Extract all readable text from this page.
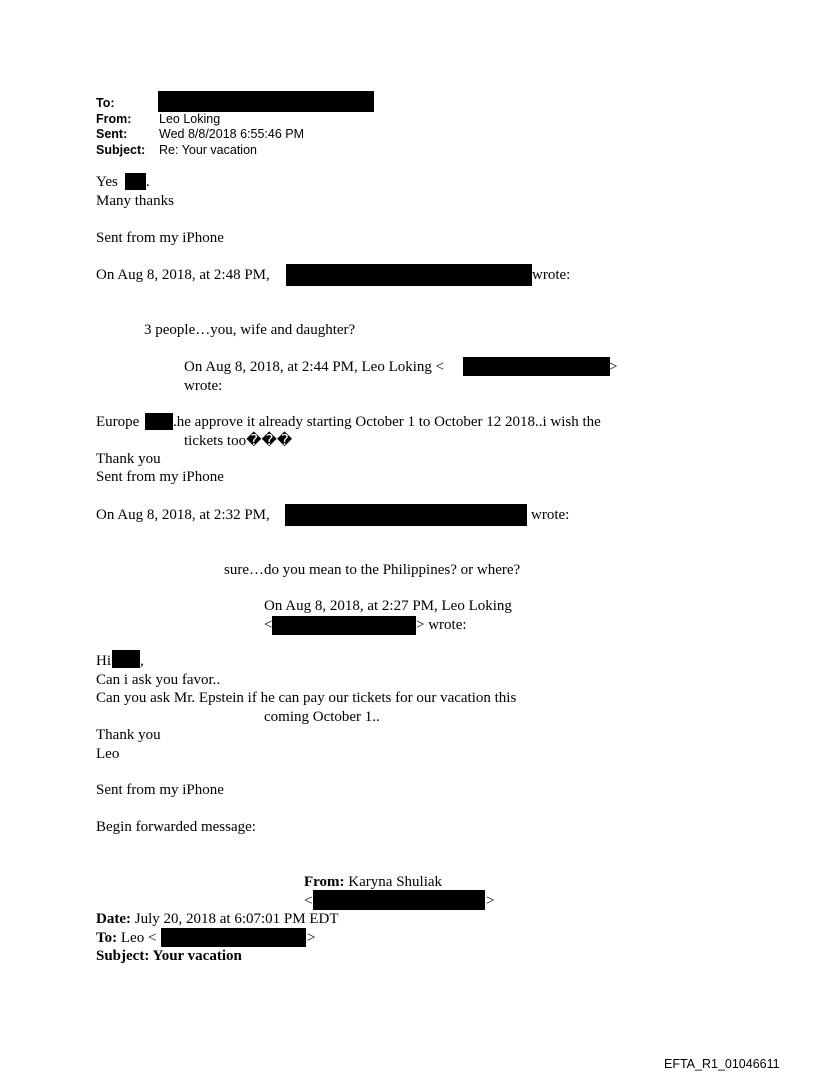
To:
From: Leo Loking
Sent:	Wed 8/8/2018 6:55:46 PM
Subject: Re: Your vacation
Yes .
Many thanks
Sent from my iPhone
On Aug 8, 2018, at 2:48 PM,	wrote:
3 people…you, wife and daughter?
On Aug 8, 2018, at 2:44 PM, Leo Loking <	>
wrote:
Europe .he approve it already starting October 1 to October 12 2018..i wish the
tickets too���
Thank you
Sent from my iPhone
On Aug 8, 2018, at 2:32 PM,	wrote:
sure…do you mean to the Philippines? or where?
On Aug 8, 2018, at 2:27 PM, Leo Loking
<	> wrote:
Hi ,
Can i ask you favor..
Can you ask Mr. Epstein if he can pay our tickets for our vacation this
coming October 1..
Thank you
Leo
Sent from my iPhone
Begin forwarded message:
From: Karyna Shuliak
<	>
Date: July 20, 2018 at 6:07:01 PM EDT
To: Leo <	>
Subject: Your vacation
EFTA_R1_01046611
